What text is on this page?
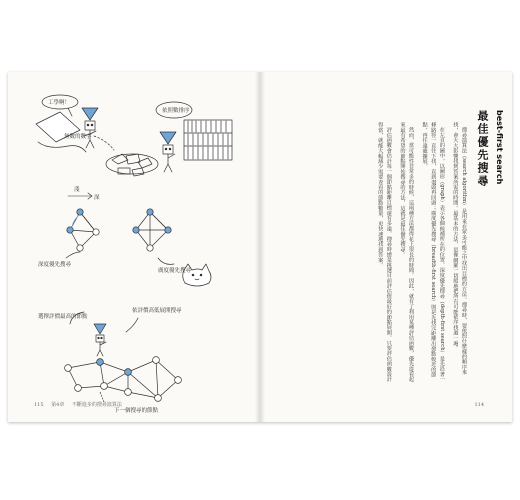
工學啊！
無數的數字
依照數排序
淺
深
深度優先搜尋
廣度優先搜尋
選擇評價最高的節點
依評價高低展開搜尋
下一個搜尋的節點
115 第4章 不斷進步的搜尋演算法
最佳優先搜尋 best-first search

搜尋演算法（search algorithm）是用來在眾多可能之中找出目標的方法。搜尋時，要依照什麼樣的順序來找，會大大影響找到答案所需的時間。最基本的方法，是像網羅一切般地把所有可能依序找過一遍。

在左頁的圖中，以圖形（graph）表示各個候補所在的位置。深度優先搜尋（depth-first search）是先沿著一條路徑一直往下找，直到盡頭再回頭；廣度優先搜尋（breadth-first search）則是先找完距離出發點較近的節點，再往遠處擴展。

然而，當可能性非常多的時候，這兩種方法都得花上很長的時間。因此，就有了利用某種評估函數，優先從看起來最有希望的節點開始搜尋的方法，這就是最佳優先搜尋。

評估函數會估計每一個節點距離目標還有多遠，搜尋時總是挑選目前評估值最好的節點展開。只要評估函數設計得當，就能大幅減少需要查看的節點數量，更快速地找到答案。

114
